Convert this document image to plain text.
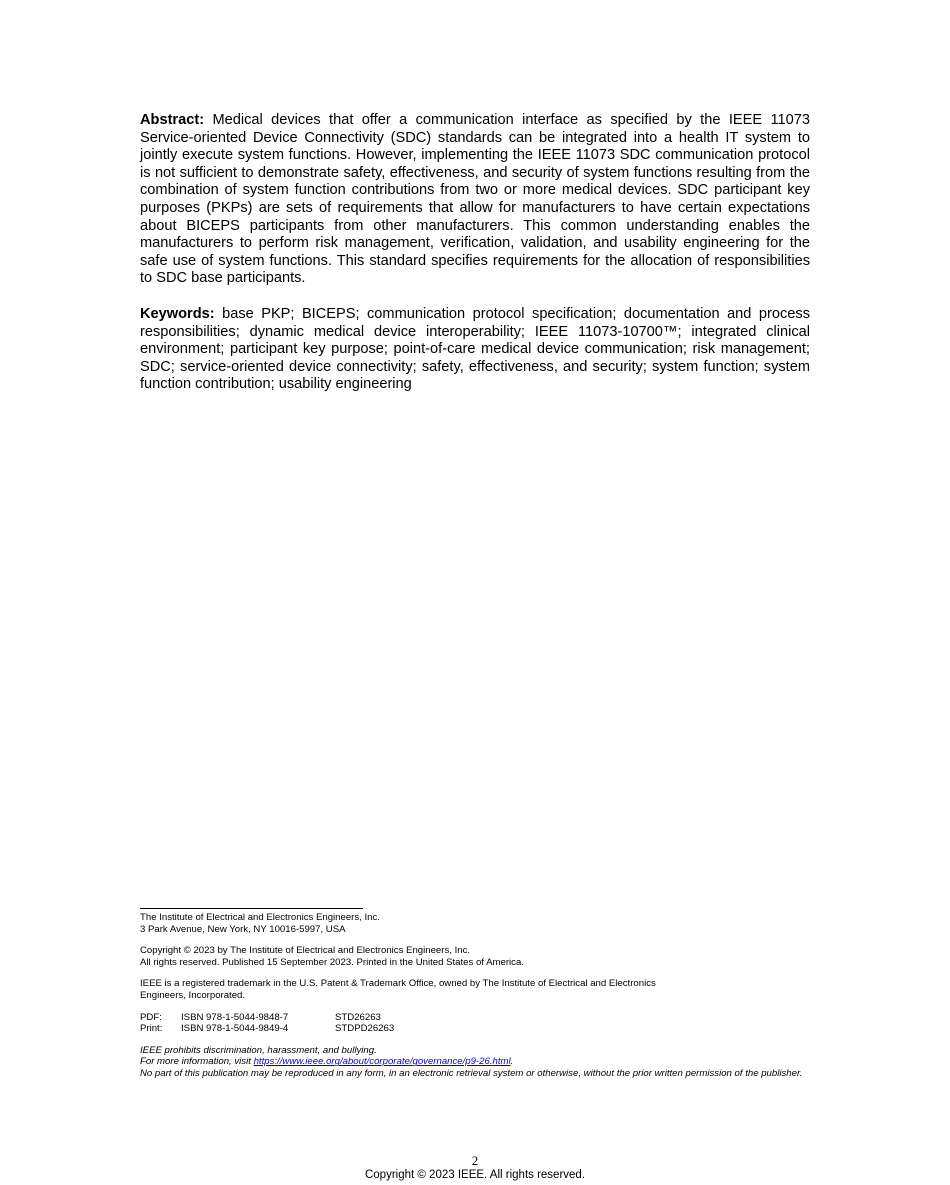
Abstract: Medical devices that offer a communication interface as specified by the IEEE 11073 Service-oriented Device Connectivity (SDC) standards can be integrated into a health IT system to jointly execute system functions. However, implementing the IEEE 11073 SDC communication protocol is not sufficient to demonstrate safety, effectiveness, and security of system functions resulting from the combination of system function contributions from two or more medical devices. SDC participant key purposes (PKPs) are sets of requirements that allow for manufacturers to have certain expectations about BICEPS participants from other manufacturers. This common understanding enables the manufacturers to perform risk management, verification, validation, and usability engineering for the safe use of system functions. This standard specifies requirements for the allocation of responsibilities to SDC base participants.

Keywords: base PKP; BICEPS; communication protocol specification; documentation and process responsibilities; dynamic medical device interoperability; IEEE 11073-10700™; integrated clinical environment; participant key purpose; point-of-care medical device communication; risk management; SDC; service-oriented device connectivity; safety, effectiveness, and security; system function; system function contribution; usability engineering

The Institute of Electrical and Electronics Engineers, Inc.
3 Park Avenue, New York, NY 10016-5997, USA
Copyright © 2023 by The Institute of Electrical and Electronics Engineers, Inc.
All rights reserved. Published 15 September 2023. Printed in the United States of America.
IEEE is a registered trademark in the U.S. Patent & Trademark Office, owned by The Institute of Electrical and Electronics
Engineers, Incorporated.
PDF:	ISBN 978-1-5044-9848-7	STD26263
Print:	ISBN 978-1-5044-9849-4	STDPD26263
IEEE prohibits discrimination, harassment, and bullying.
For more information, visit https://www.ieee.org/about/corporate/governance/p9-26.html.
No part of this publication may be reproduced in any form, in an electronic retrieval system or otherwise, without the prior written permission of the publisher.
2
Copyright © 2023 IEEE. All rights reserved.
